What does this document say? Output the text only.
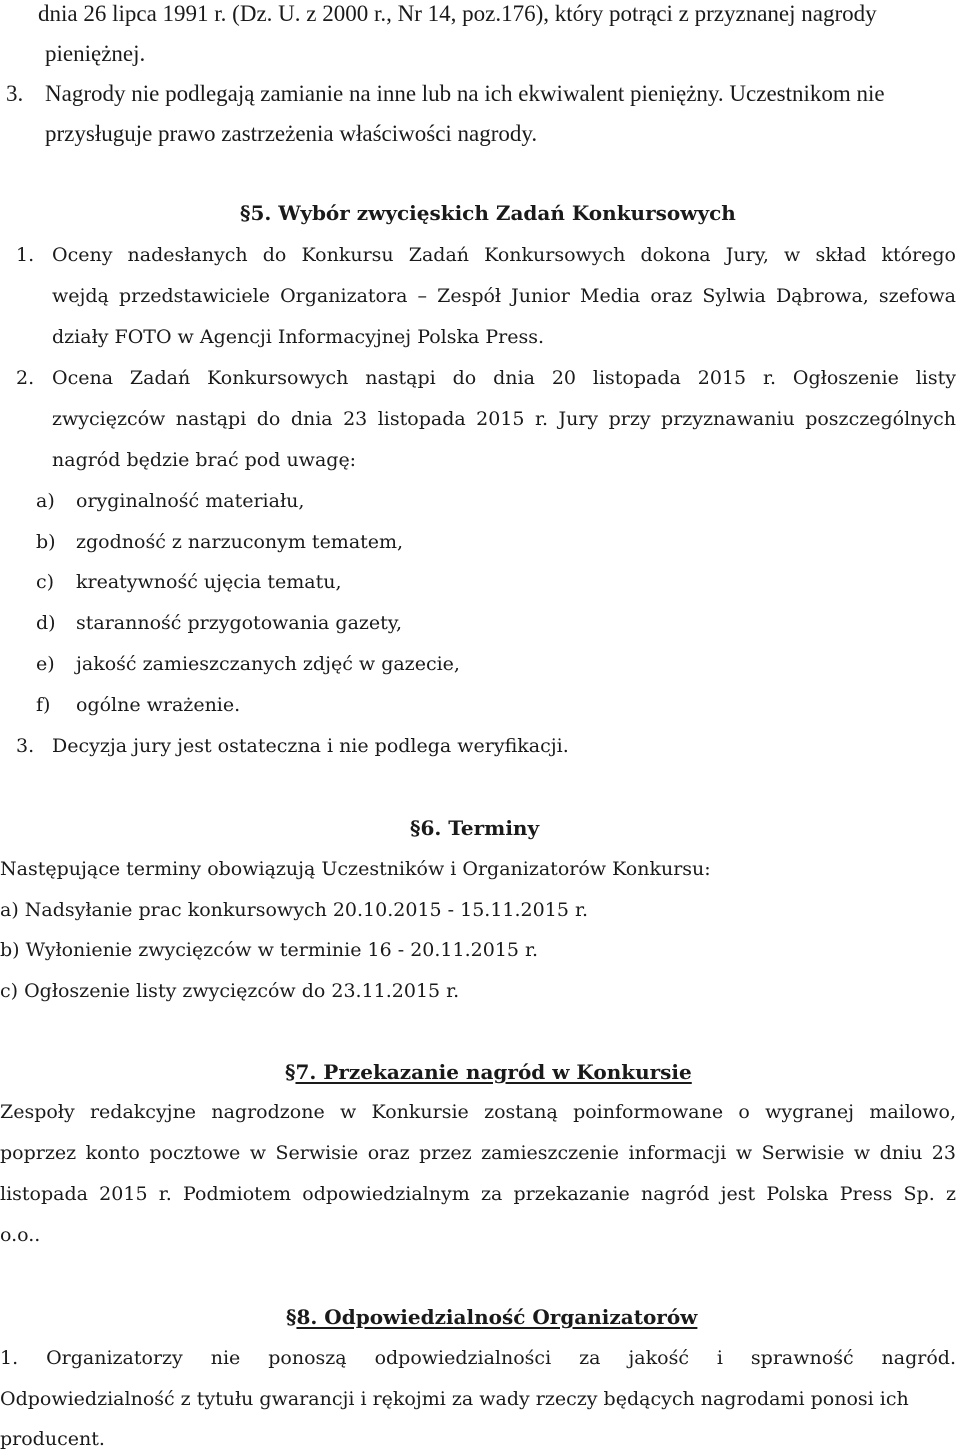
dnia 26 lipca 1991 r. (Dz. U. z 2000 r., Nr 14, poz.176), który potrąci z przyznanej nagrody
pieniężnej.
3. Nagrody nie podlegają zamianie na inne lub na ich ekwiwalent pieniężny. Uczestnikom nie
przysługuje prawo zastrzeżenia właściwości nagrody.
§5. Wybór zwycięskich Zadań Konkursowych
1. Oceny nadesłanych do Konkursu Zadań Konkursowych dokona Jury, w skład którego
wejdą przedstawiciele Organizatora – Zespół Junior Media oraz Sylwia Dąbrowa, szefowa
działy FOTO w Agencji Informacyjnej Polska Press.
2. Ocena Zadań Konkursowych nastąpi do dnia 20 listopada 2015 r. Ogłoszenie listy
zwycięzców nastąpi do dnia 23 listopada 2015 r. Jury przy przyznawaniu poszczególnych
nagród będzie brać pod uwagę:
a) oryginalność materiału,
b) zgodność z narzuconym tematem,
c) kreatywność ujęcia tematu,
d) staranność przygotowania gazety,
e) jakość zamieszczanych zdjęć w gazecie,
f) ogólne wrażenie.
3. Decyzja jury jest ostateczna i nie podlega weryfikacji.
§6. Terminy
Następujące terminy obowiązują Uczestników i Organizatorów Konkursu:
a) Nadsyłanie prac konkursowych 20.10.2015 - 15.11.2015 r.
b) Wyłonienie zwycięzców w terminie 16 - 20.11.2015 r.
c) Ogłoszenie listy zwycięzców do 23.11.2015 r.
§7. Przekazanie nagród w Konkursie
Zespoły redakcyjne nagrodzone w Konkursie zostaną poinformowane o wygranej mailowo,
poprzez konto pocztowe w Serwisie oraz przez zamieszczenie informacji w Serwisie w dniu 23
listopada 2015 r. Podmiotem odpowiedzialnym za przekazanie nagród jest Polska Press Sp. z
o.o..
§8. Odpowiedzialność Organizatorów
1. Organizatorzy nie ponoszą odpowiedzialności za jakość i sprawność nagród.
Odpowiedzialność z tytułu gwarancji i rękojmi za wady rzeczy będących nagrodami ponosi ich
producent.
